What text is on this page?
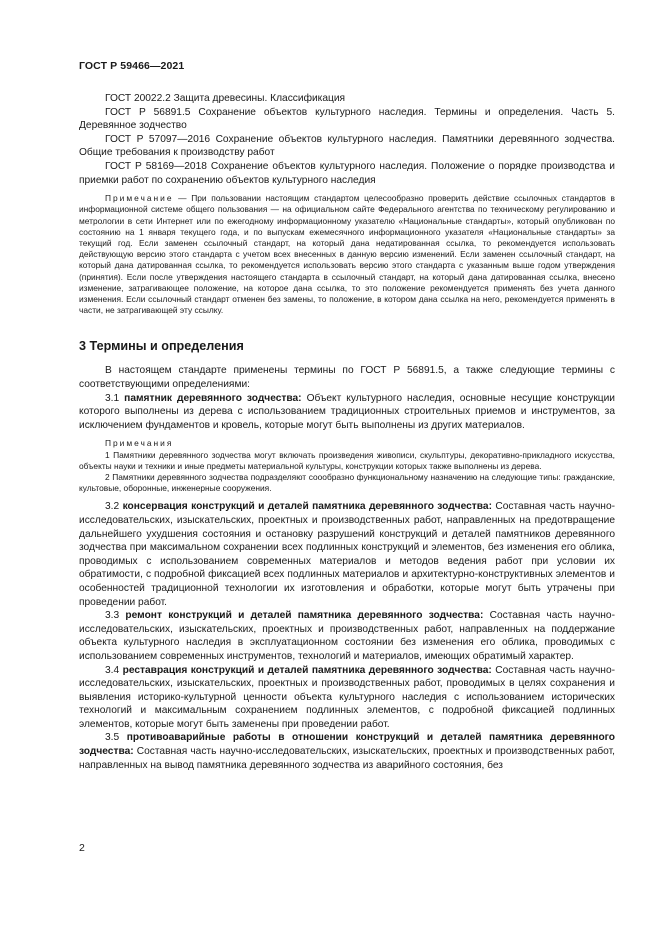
ГОСТ Р 59466—2021

ГОСТ 20022.2 Защита древесины. Классификация

ГОСТ Р 56891.5 Сохранение объектов культурного наследия. Термины и определения. Часть 5. Деревянное зодчество

ГОСТ Р 57097—2016 Сохранение объектов культурного наследия. Памятники деревянного зодчества. Общие требования к производству работ

ГОСТ Р 58169—2018 Сохранение объектов культурного наследия. Положение о порядке производства и приемки работ по сохранению объектов культурного наследия

Примечание — При пользовании настоящим стандартом целесообразно проверить действие ссылочных стандартов в информационной системе общего пользования — на официальном сайте Федерального агентства по техническому регулированию и метрологии в сети Интернет или по ежегодному информационному указателю «Национальные стандарты», который опубликован по состоянию на 1 января текущего года, и по выпускам ежемесячного информационного указателя «Национальные стандарты» за текущий год. Если заменен ссылочный стандарт, на который дана недатированная ссылка, то рекомендуется использовать действующую версию этого стандарта с учетом всех внесенных в данную версию изменений. Если заменен ссылочный стандарт, на который дана датированная ссылка, то рекомендуется использовать версию этого стандарта с указанным выше годом утверждения (принятия). Если после утверждения настоящего стандарта в ссылочный стандарт, на который дана датированная ссылка, внесено изменение, затрагивающее положение, на которое дана ссылка, то это положение рекомендуется применять без учета данного изменения. Если ссылочный стандарт отменен без замены, то положение, в котором дана ссылка на него, рекомендуется применять в части, не затрагивающей эту ссылку.

3 Термины и определения

В настоящем стандарте применены термины по ГОСТ Р 56891.5, а также следующие термины с соответствующими определениями:

3.1 памятник деревянного зодчества: Объект культурного наследия, основные несущие конструкции которого выполнены из дерева с использованием традиционных строительных приемов и инструментов, за исключением фундаментов и кровель, которые могут быть выполнены из других материалов.

Примечания

1 Памятники деревянного зодчества могут включать произведения живописи, скульптуры, декоративно-прикладного искусства, объекты науки и техники и иные предметы материальной культуры, конструкции которых также выполнены из дерева.

2 Памятники деревянного зодчества подразделяют соообразно функциональному назначению на следующие типы: гражданские, культовые, оборонные, инженерные сооружения.

3.2 консервация конструкций и деталей памятника деревянного зодчества: Составная часть научно-исследовательских, изыскательских, проектных и производственных работ, направленных на предотвращение дальнейшего ухудшения состояния и остановку разрушений конструкций и деталей памятников деревянного зодчества при максимальном сохранении всех подлинных конструкций и элементов, без изменения его облика, проводимых с использованием современных материалов и методов ведения работ при условии их обратимости, с подробной фиксацией всех подлинных материалов и архитектурно-конструктивных элементов и особенностей традиционной технологии их изготовления и обработки, которые могут быть утрачены при проведении работ.

3.3 ремонт конструкций и деталей памятника деревянного зодчества: Составная часть научно-исследовательских, изыскательских, проектных и производственных работ, направленных на поддержание объекта культурного наследия в эксплуатационном состоянии без изменения его облика, проводимых с использованием современных инструментов, технологий и материалов, имеющих обратимый характер.

3.4 реставрация конструкций и деталей памятника деревянного зодчества: Составная часть научно-исследовательских, изыскательских, проектных и производственных работ, проводимых в целях сохранения и выявления историко-культурной ценности объекта культурного наследия с использованием исторических технологий и максимальным сохранением подлинных элементов, с подробной фиксацией подлинных элементов, которые могут быть заменены при проведении работ.

3.5 противоаварийные работы в отношении конструкций и деталей памятника деревянного зодчества: Составная часть научно-исследовательских, изыскательских, проектных и производственных работ, направленных на вывод памятника деревянного зодчества из аварийного состояния, без

2
